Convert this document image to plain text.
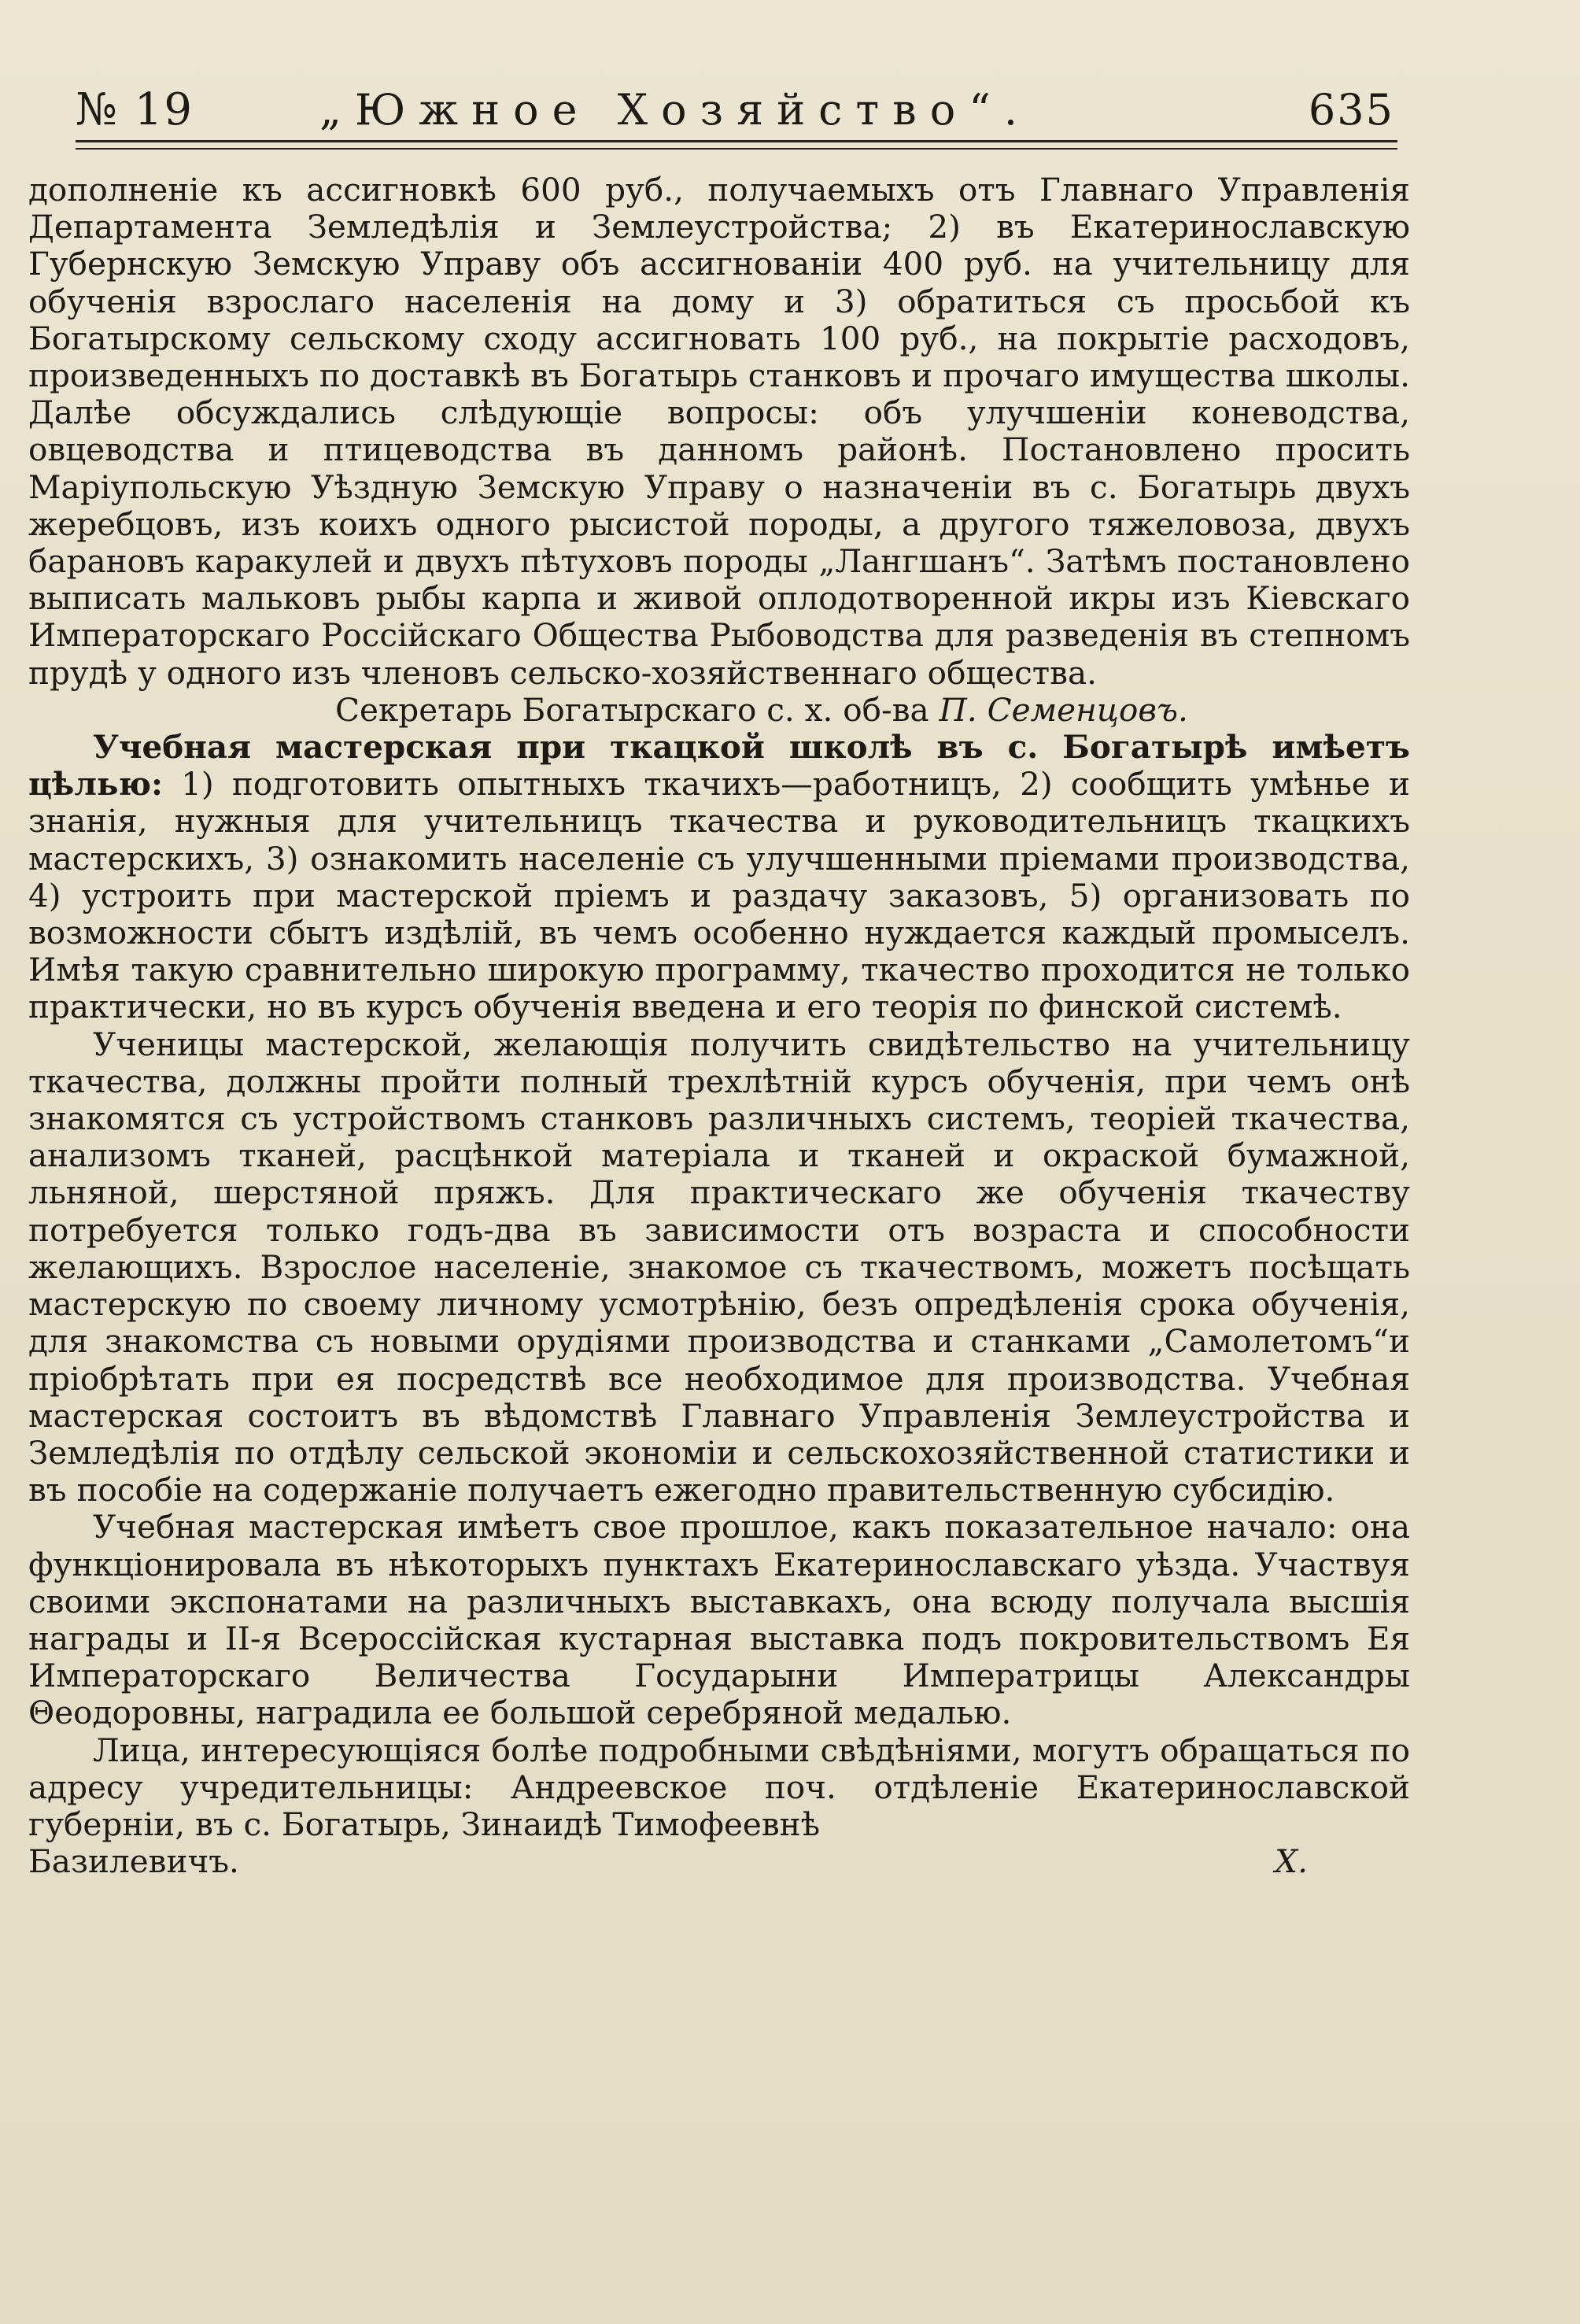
№ 19	„Южное Хозяйство“.	635

дополненіе къ ассигновкѣ 600 руб., получаемыхъ отъ Главнаго Управленія Департамента Земледѣлія и Землеустройства; 2) въ Екатеринославскую Губернскую Земскую Управу объ ассигнованіи 400 руб. на учительницу для обученія взрослаго населенія на дому и 3) обратиться съ просьбой къ Богатырскому сельскому сходу ассигновать 100 руб., на покрытіе расходовъ, произведенныхъ по доставкѣ въ Богатырь станковъ и прочаго имущества школы. Далѣе обсуждались слѣдующіе вопросы: объ улучшеніи коневодства, овцеводства и птицеводства въ данномъ районѣ. Постановлено просить Маріупольскую Уѣздную Земскую Управу о назначеніи въ с. Богатырь двухъ жеребцовъ, изъ коихъ одного рысистой породы, а другого тяжеловоза, двухъ барановъ каракулей и двухъ пѣтуховъ породы „Лангшанъ“. Затѣмъ постановлено выписать мальковъ рыбы карпа и живой оплодотворенной икры изъ Кіевскаго Императорскаго Россійскаго Общества Рыбоводства для разведенія въ степномъ прудѣ у одного изъ членовъ сельско-хозяйственнаго общества.

Секретарь Богатырскаго с. х. об-ва П. Семенцовъ.

Учебная мастерская при ткацкой школѣ въ с. Богатырѣ имѣетъ цѣлью: 1) подготовить опытныхъ ткачихъ—работницъ, 2) сообщить умѣнье и знанія, нужныя для учительницъ ткачества и руководительницъ ткацкихъ мастерскихъ, 3) ознакомить населеніе съ улучшенными пріемами производства, 4) устроить при мастерской пріемъ и раздачу заказовъ, 5) организовать по возможности сбытъ издѣлій, въ чемъ особенно нуждается каждый промыселъ. Имѣя такую сравнительно широкую программу, ткачество проходится не только практически, но въ курсъ обученія введена и его теорія по финской системѣ.

Ученицы мастерской, желающія получить свидѣтельство на учительницу ткачества, должны пройти полный трехлѣтній курсъ обученія, при чемъ онѣ знакомятся съ устройствомъ станковъ различныхъ системъ, теоріей ткачества, анализомъ тканей, расцѣнкой матеріала и тканей и окраской бумажной, льняной, шерстяной пряжъ. Для практическаго же обученія ткачеству потребуется только годъ-два въ зависимости отъ возраста и способности желающихъ. Взрослое населеніе, знакомое съ ткачествомъ, можетъ посѣщать мастерскую по своему личному усмотрѣнію, безъ опредѣленія срока обученія, для знакомства съ новыми орудіями производства и станками „Самолетомъ“и пріобрѣтать при ея посредствѣ все необходимое для производства. Учебная мастерская состоитъ въ вѣдомствѣ Главнаго Управленія Землеустройства и Земледѣлія по отдѣлу сельской экономіи и сельскохозяйственной статистики и въ пособіе на содержаніе получаетъ ежегодно правительственную субсидію.

Учебная мастерская имѣетъ свое прошлое, какъ показательное начало: она функціонировала въ нѣкоторыхъ пунктахъ Екатеринославскаго уѣзда. Участвуя своими экспонатами на различныхъ выставкахъ, она всюду получала высшія награды и II-я Всероссійская кустарная выставка подъ покровительствомъ Ея Императорскаго Величества Государыни Императрицы Александры Θеодоровны, наградила ее большой серебряной медалью.

Лица, интересующіяся болѣе подробными свѣдѣніями, могутъ обращаться по адресу учредительницы: Андреевское поч. отдѣленіе Екатеринославской губерніи, въ с. Богатырь, Зинаидѣ Тимофеевнѣ

Базилевичъ.	X.
